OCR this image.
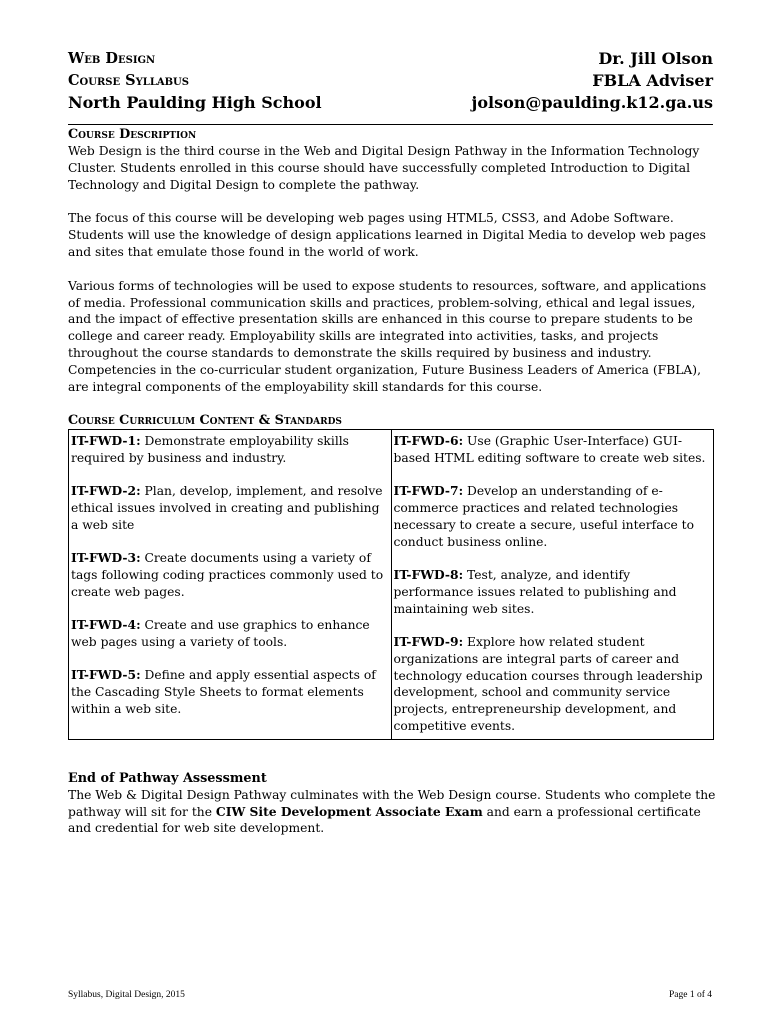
Web Design
Course Syllabus
North Paulding High School
Dr. Jill Olson
FBLA Adviser
jolson@paulding.k12.ga.us
Course Description

Web Design is the third course in the Web and Digital Design Pathway in the Information Technology Cluster. Students enrolled in this course should have successfully completed Introduction to Digital Technology and Digital Design to complete the pathway.

The focus of this course will be developing web pages using HTML5, CSS3, and Adobe Software. Students will use the knowledge of design applications learned in Digital Media to develop web pages and sites that emulate those found in the world of work.

Various forms of technologies will be used to expose students to resources, software, and applications of media. Professional communication skills and practices, problem-solving, ethical and legal issues, and the impact of effective presentation skills are enhanced in this course to prepare students to be college and career ready. Employability skills are integrated into activities, tasks, and projects throughout the course standards to demonstrate the skills required by business and industry. Competencies in the co-curricular student organization, Future Business Leaders of America (FBLA), are integral components of the employability skill standards for this course.

Course Curriculum Content & Standards
IT-FWD-1: Demonstrate employability skills required by business and industry.
IT-FWD-2: Plan, develop, implement, and resolve ethical issues involved in creating and publishing a web site
IT-FWD-3: Create documents using a variety of tags following coding practices commonly used to create web pages.
IT-FWD-4: Create and use graphics to enhance web pages using a variety of tools.
IT-FWD-5: Define and apply essential aspects of the Cascading Style Sheets to format elements within a web site.

IT-FWD-6: Use (Graphic User-Interface) GUI-based HTML editing software to create web sites.
IT-FWD-7: Develop an understanding of e-commerce practices and related technologies necessary to create a secure, useful interface to conduct business online.
IT-FWD-8: Test, analyze, and identify performance issues related to publishing and maintaining web sites.
IT-FWD-9: Explore how related student organizations are integral parts of career and technology education courses through leadership development, school and community service projects, entrepreneurship development, and competitive events.
End of Pathway Assessment

The Web & Digital Design Pathway culminates with the Web Design course. Students who complete the pathway will sit for the CIW Site Development Associate Exam and earn a professional certificate and credential for web site development.

Syllabus, Digital Design, 2015	Page 1 of 4
